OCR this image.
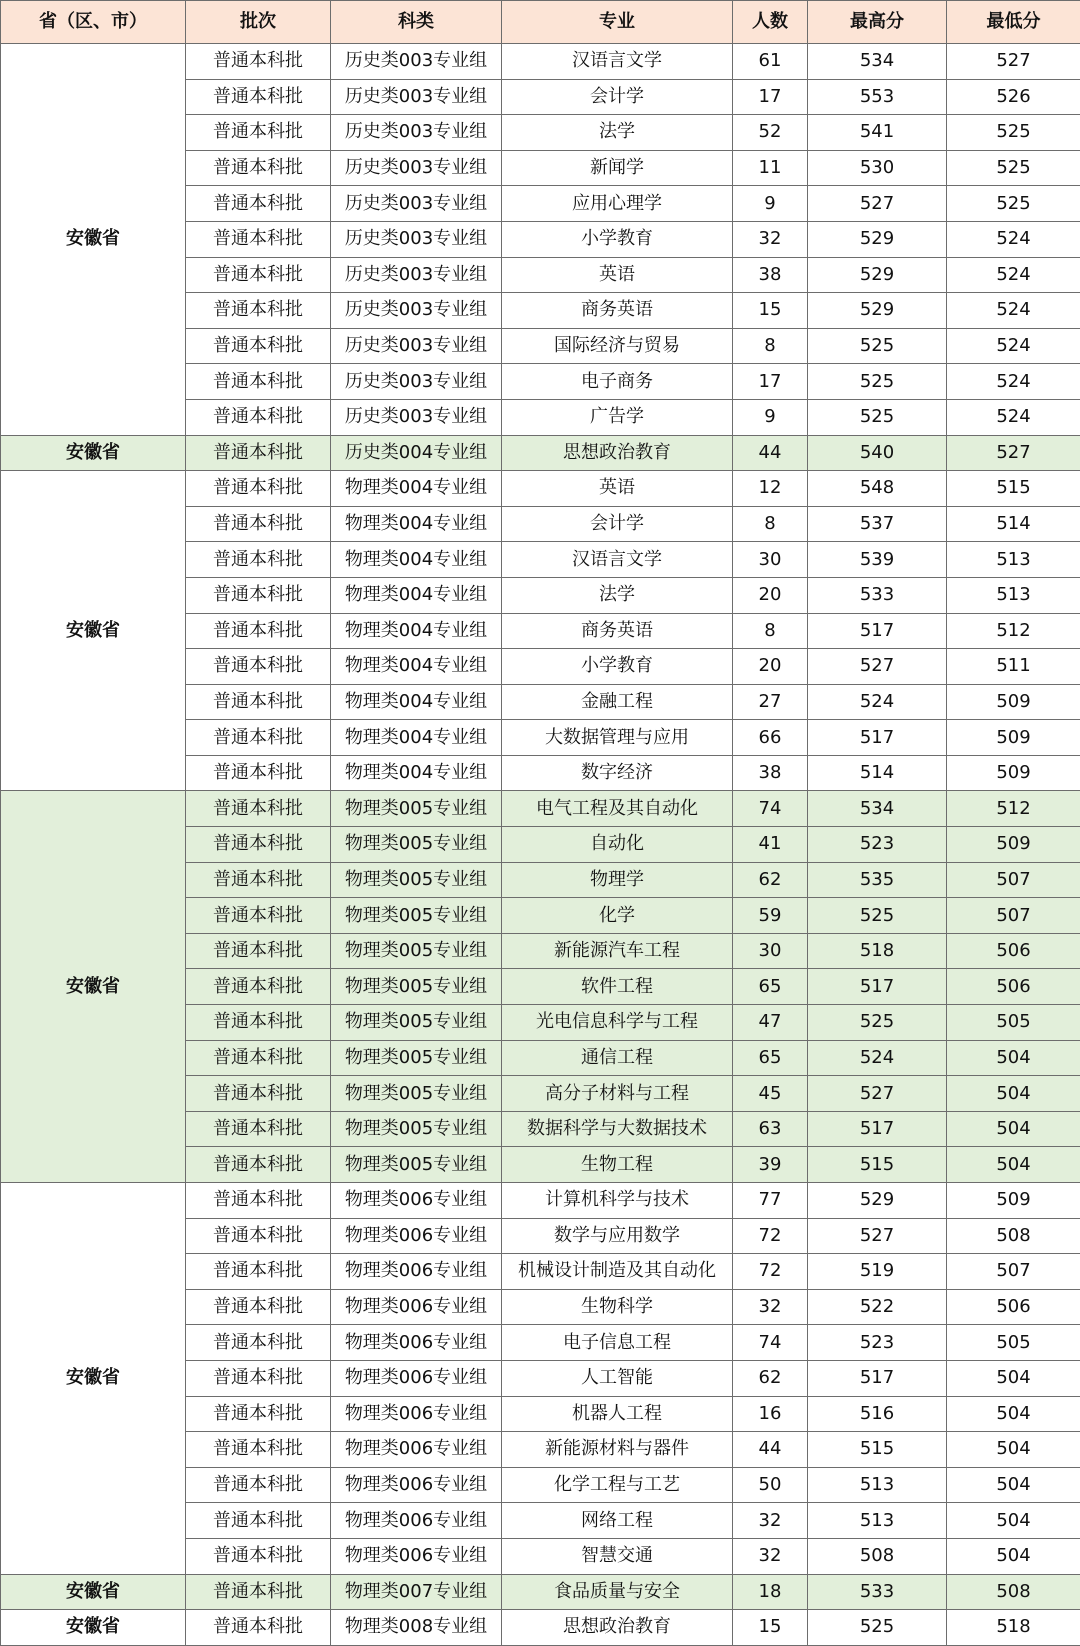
省（区、市）	批次	科类	专业	人数	最高分	最低分
安徽省	普通本科批	历史类003专业组	汉语言文学	61	534	527
	普通本科批	历史类003专业组	会计学	17	553	526
	普通本科批	历史类003专业组	法学	52	541	525
	普通本科批	历史类003专业组	新闻学	11	530	525
	普通本科批	历史类003专业组	应用心理学	9	527	525
	普通本科批	历史类003专业组	小学教育	32	529	524
	普通本科批	历史类003专业组	英语	38	529	524
	普通本科批	历史类003专业组	商务英语	15	529	524
	普通本科批	历史类003专业组	国际经济与贸易	8	525	524
	普通本科批	历史类003专业组	电子商务	17	525	524
	普通本科批	历史类003专业组	广告学	9	525	524
安徽省	普通本科批	历史类004专业组	思想政治教育	44	540	527
安徽省	普通本科批	物理类004专业组	英语	12	548	515
	普通本科批	物理类004专业组	会计学	8	537	514
	普通本科批	物理类004专业组	汉语言文学	30	539	513
	普通本科批	物理类004专业组	法学	20	533	513
	普通本科批	物理类004专业组	商务英语	8	517	512
	普通本科批	物理类004专业组	小学教育	20	527	511
	普通本科批	物理类004专业组	金融工程	27	524	509
	普通本科批	物理类004专业组	大数据管理与应用	66	517	509
	普通本科批	物理类004专业组	数字经济	38	514	509
安徽省	普通本科批	物理类005专业组	电气工程及其自动化	74	534	512
	普通本科批	物理类005专业组	自动化	41	523	509
	普通本科批	物理类005专业组	物理学	62	535	507
	普通本科批	物理类005专业组	化学	59	525	507
	普通本科批	物理类005专业组	新能源汽车工程	30	518	506
	普通本科批	物理类005专业组	软件工程	65	517	506
	普通本科批	物理类005专业组	光电信息科学与工程	47	525	505
	普通本科批	物理类005专业组	通信工程	65	524	504
	普通本科批	物理类005专业组	高分子材料与工程	45	527	504
	普通本科批	物理类005专业组	数据科学与大数据技术	63	517	504
	普通本科批	物理类005专业组	生物工程	39	515	504
安徽省	普通本科批	物理类006专业组	计算机科学与技术	77	529	509
	普通本科批	物理类006专业组	数学与应用数学	72	527	508
	普通本科批	物理类006专业组	机械设计制造及其自动化	72	519	507
	普通本科批	物理类006专业组	生物科学	32	522	506
	普通本科批	物理类006专业组	电子信息工程	74	523	505
	普通本科批	物理类006专业组	人工智能	62	517	504
	普通本科批	物理类006专业组	机器人工程	16	516	504
	普通本科批	物理类006专业组	新能源材料与器件	44	515	504
	普通本科批	物理类006专业组	化学工程与工艺	50	513	504
	普通本科批	物理类006专业组	网络工程	32	513	504
	普通本科批	物理类006专业组	智慧交通	32	508	504
安徽省	普通本科批	物理类007专业组	食品质量与安全	18	533	508
安徽省	普通本科批	物理类008专业组	思想政治教育	15	525	518
